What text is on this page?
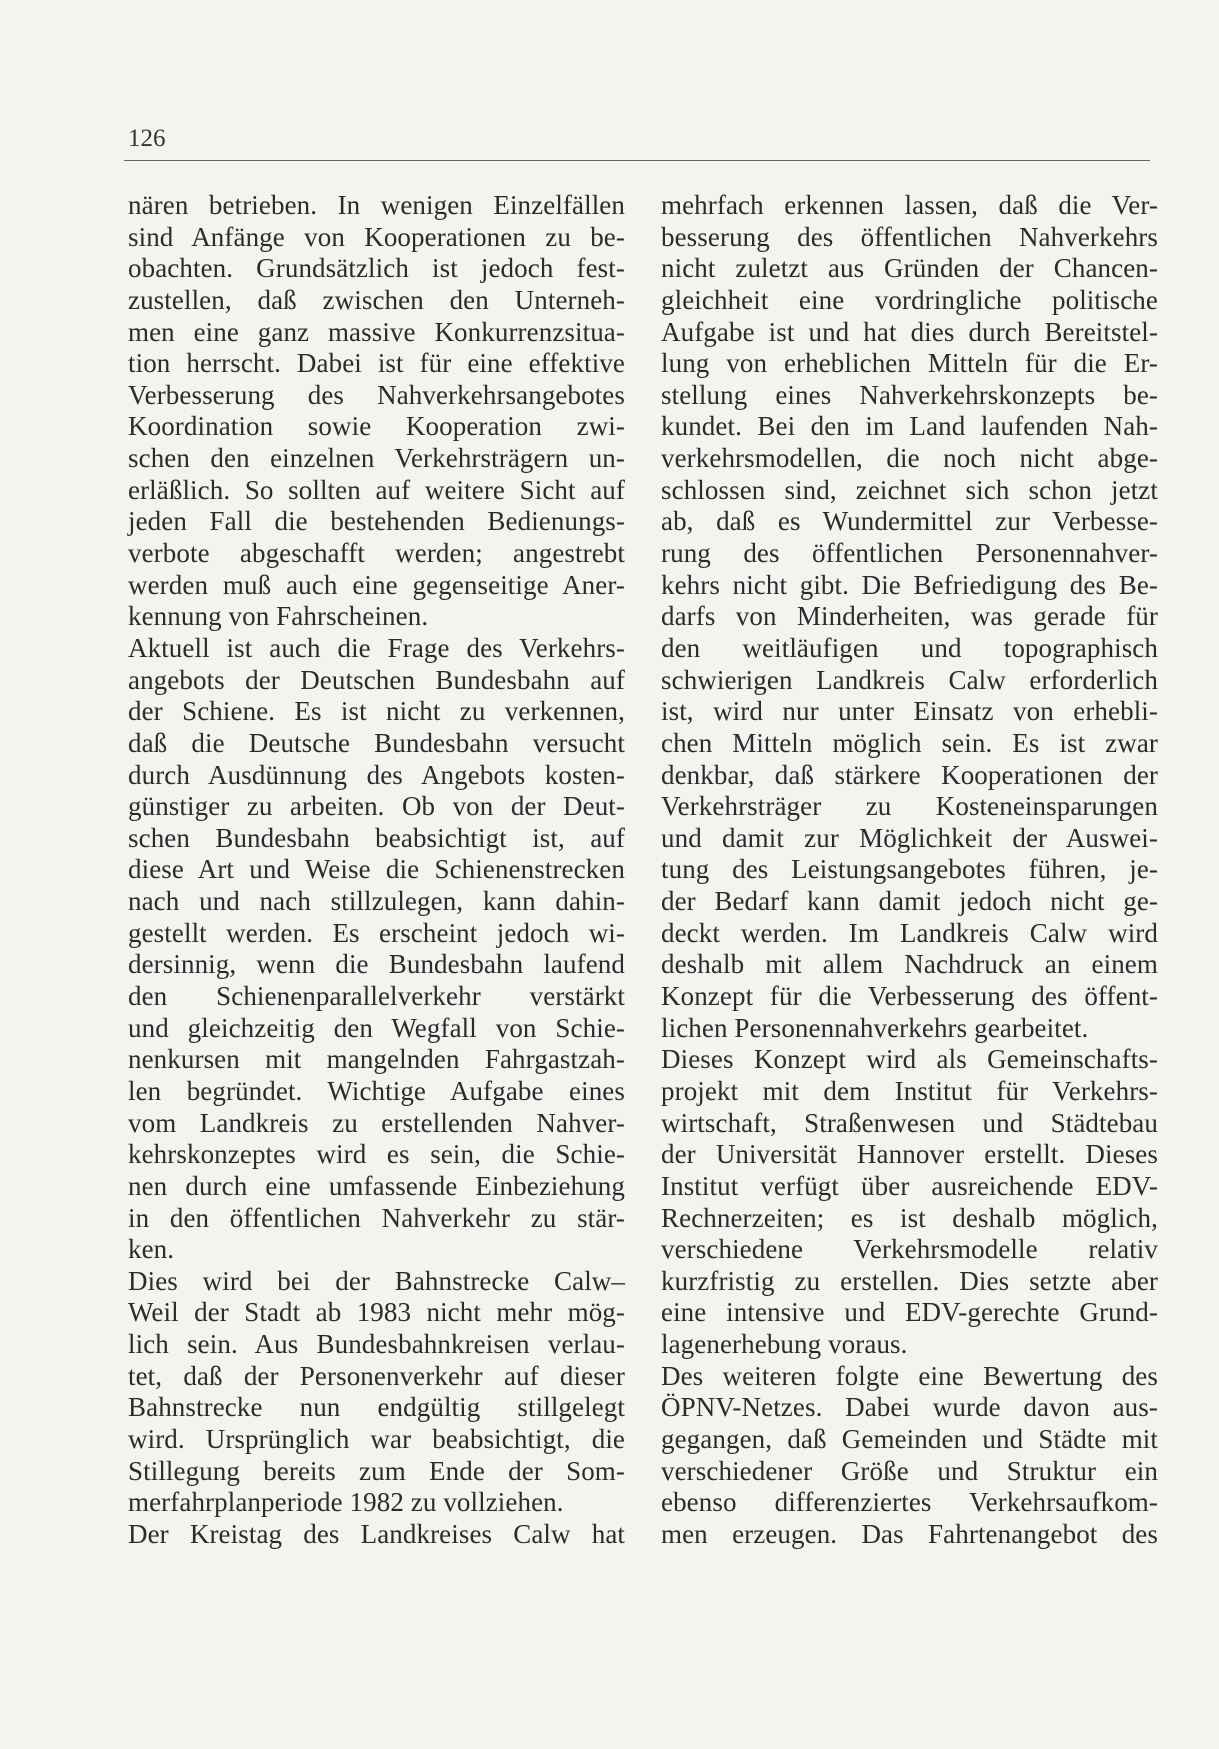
126
nären betrieben. In wenigen Einzelfällen
sind Anfänge von Kooperationen zu be-
obachten. Grundsätzlich ist jedoch fest-
zustellen, daß zwischen den Unterneh-
men eine ganz massive Konkurrenzsitua-
tion herrscht. Dabei ist für eine effektive
Verbesserung des Nahverkehrsangebotes
Koordination sowie Kooperation zwi-
schen den einzelnen Verkehrsträgern un-
erläßlich. So sollten auf weitere Sicht auf
jeden Fall die bestehenden Bedienungs-
verbote abgeschafft werden; angestrebt
werden muß auch eine gegenseitige Aner-
kennung von Fahrscheinen.
Aktuell ist auch die Frage des Verkehrs-
angebots der Deutschen Bundesbahn auf
der Schiene. Es ist nicht zu verkennen,
daß die Deutsche Bundesbahn versucht
durch Ausdünnung des Angebots kosten-
günstiger zu arbeiten. Ob von der Deut-
schen Bundesbahn beabsichtigt ist, auf
diese Art und Weise die Schienenstrecken
nach und nach stillzulegen, kann dahin-
gestellt werden. Es erscheint jedoch wi-
dersinnig, wenn die Bundesbahn laufend
den Schienenparallelverkehr verstärkt
und gleichzeitig den Wegfall von Schie-
nenkursen mit mangelnden Fahrgastzah-
len begründet. Wichtige Aufgabe eines
vom Landkreis zu erstellenden Nahver-
kehrskonzeptes wird es sein, die Schie-
nen durch eine umfassende Einbeziehung
in den öffentlichen Nahverkehr zu stär-
ken.
Dies wird bei der Bahnstrecke Calw–
Weil der Stadt ab 1983 nicht mehr mög-
lich sein. Aus Bundesbahnkreisen verlau-
tet, daß der Personenverkehr auf dieser
Bahnstrecke nun endgültig stillgelegt
wird. Ursprünglich war beabsichtigt, die
Stillegung bereits zum Ende der Som-
merfahrplanperiode 1982 zu vollziehen.
Der Kreistag des Landkreises Calw hat
mehrfach erkennen lassen, daß die Ver-
besserung des öffentlichen Nahverkehrs
nicht zuletzt aus Gründen der Chancen-
gleichheit eine vordringliche politische
Aufgabe ist und hat dies durch Bereitstel-
lung von erheblichen Mitteln für die Er-
stellung eines Nahverkehrskonzepts be-
kundet. Bei den im Land laufenden Nah-
verkehrsmodellen, die noch nicht abge-
schlossen sind, zeichnet sich schon jetzt
ab, daß es Wundermittel zur Verbesse-
rung des öffentlichen Personennahver-
kehrs nicht gibt. Die Befriedigung des Be-
darfs von Minderheiten, was gerade für
den weitläufigen und topographisch
schwierigen Landkreis Calw erforderlich
ist, wird nur unter Einsatz von erhebli-
chen Mitteln möglich sein. Es ist zwar
denkbar, daß stärkere Kooperationen der
Verkehrsträger zu Kosteneinsparungen
und damit zur Möglichkeit der Auswei-
tung des Leistungsangebotes führen, je-
der Bedarf kann damit jedoch nicht ge-
deckt werden. Im Landkreis Calw wird
deshalb mit allem Nachdruck an einem
Konzept für die Verbesserung des öffent-
lichen Personennahverkehrs gearbeitet.
Dieses Konzept wird als Gemeinschafts-
projekt mit dem Institut für Verkehrs-
wirtschaft, Straßenwesen und Städtebau
der Universität Hannover erstellt. Dieses
Institut verfügt über ausreichende EDV-
Rechnerzeiten; es ist deshalb möglich,
verschiedene Verkehrsmodelle relativ
kurzfristig zu erstellen. Dies setzte aber
eine intensive und EDV-gerechte Grund-
lagenerhebung voraus.
Des weiteren folgte eine Bewertung des
ÖPNV-Netzes. Dabei wurde davon aus-
gegangen, daß Gemeinden und Städte mit
verschiedener Größe und Struktur ein
ebenso differenziertes Verkehrsaufkom-
men erzeugen. Das Fahrtenangebot des
